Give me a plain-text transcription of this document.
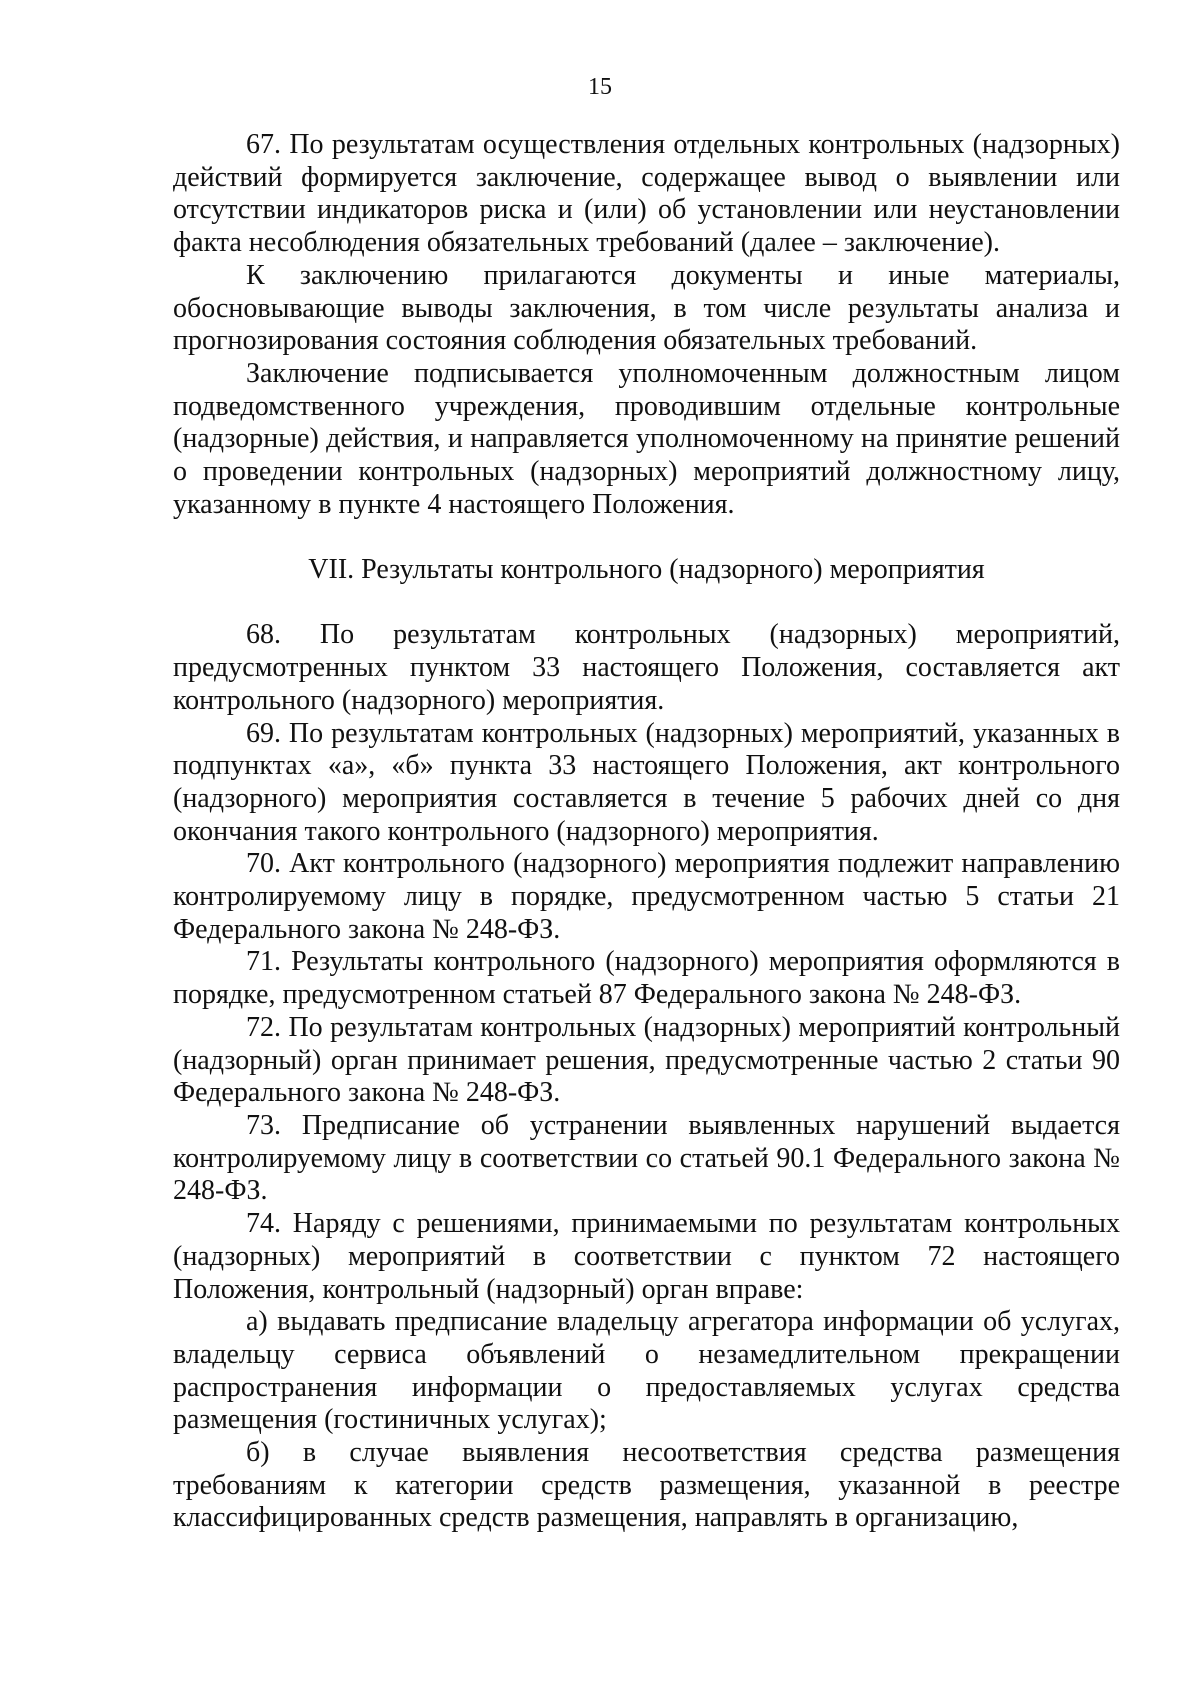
15

67. По результатам осуществления отдельных контрольных (надзорных) действий формируется заключение, содержащее вывод о выявлении или отсутствии индикаторов риска и (или) об установлении или неустановлении факта несоблюдения обязательных требований (далее – заключение).

К заключению прилагаются документы и иные материалы, обосновывающие выводы заключения, в том числе результаты анализа и прогнозирования состояния соблюдения обязательных требований.

Заключение подписывается уполномоченным должностным лицом подведомственного учреждения, проводившим отдельные контрольные (надзорные) действия, и направляется уполномоченному на принятие решений о проведении контрольных (надзорных) мероприятий должностному лицу, указанному в пункте 4 настоящего Положения.

VII. Результаты контрольного (надзорного) мероприятия

68. По результатам контрольных (надзорных) мероприятий, предусмотренных пунктом 33 настоящего Положения, составляется акт контрольного (надзорного) мероприятия.

69. По результатам контрольных (надзорных) мероприятий, указанных в подпунктах «а», «б» пункта 33 настоящего Положения, акт контрольного (надзорного) мероприятия составляется в течение 5 рабочих дней со дня окончания такого контрольного (надзорного) мероприятия.

70. Акт контрольного (надзорного) мероприятия подлежит направлению контролируемому лицу в порядке, предусмотренном частью 5 статьи 21 Федерального закона № 248-ФЗ.

71. Результаты контрольного (надзорного) мероприятия оформляются в порядке, предусмотренном статьей 87 Федерального закона № 248-ФЗ.

72. По результатам контрольных (надзорных) мероприятий контрольный (надзорный) орган принимает решения, предусмотренные частью 2 статьи 90 Федерального закона № 248-ФЗ.

73. Предписание об устранении выявленных нарушений выдается контролируемому лицу в соответствии со статьей 90.1 Федерального закона № 248-ФЗ.

74. Наряду с решениями, принимаемыми по результатам контрольных (надзорных) мероприятий в соответствии с пунктом 72 настоящего Положения, контрольный (надзорный) орган вправе:

а) выдавать предписание владельцу агрегатора информации об услугах, владельцу сервиса объявлений о незамедлительном прекращении распространения информации о предоставляемых услугах средства размещения (гостиничных услугах);

б) в случае выявления несоответствия средства размещения требованиям к категории средств размещения, указанной в реестре классифицированных средств размещения, направлять в организацию,
